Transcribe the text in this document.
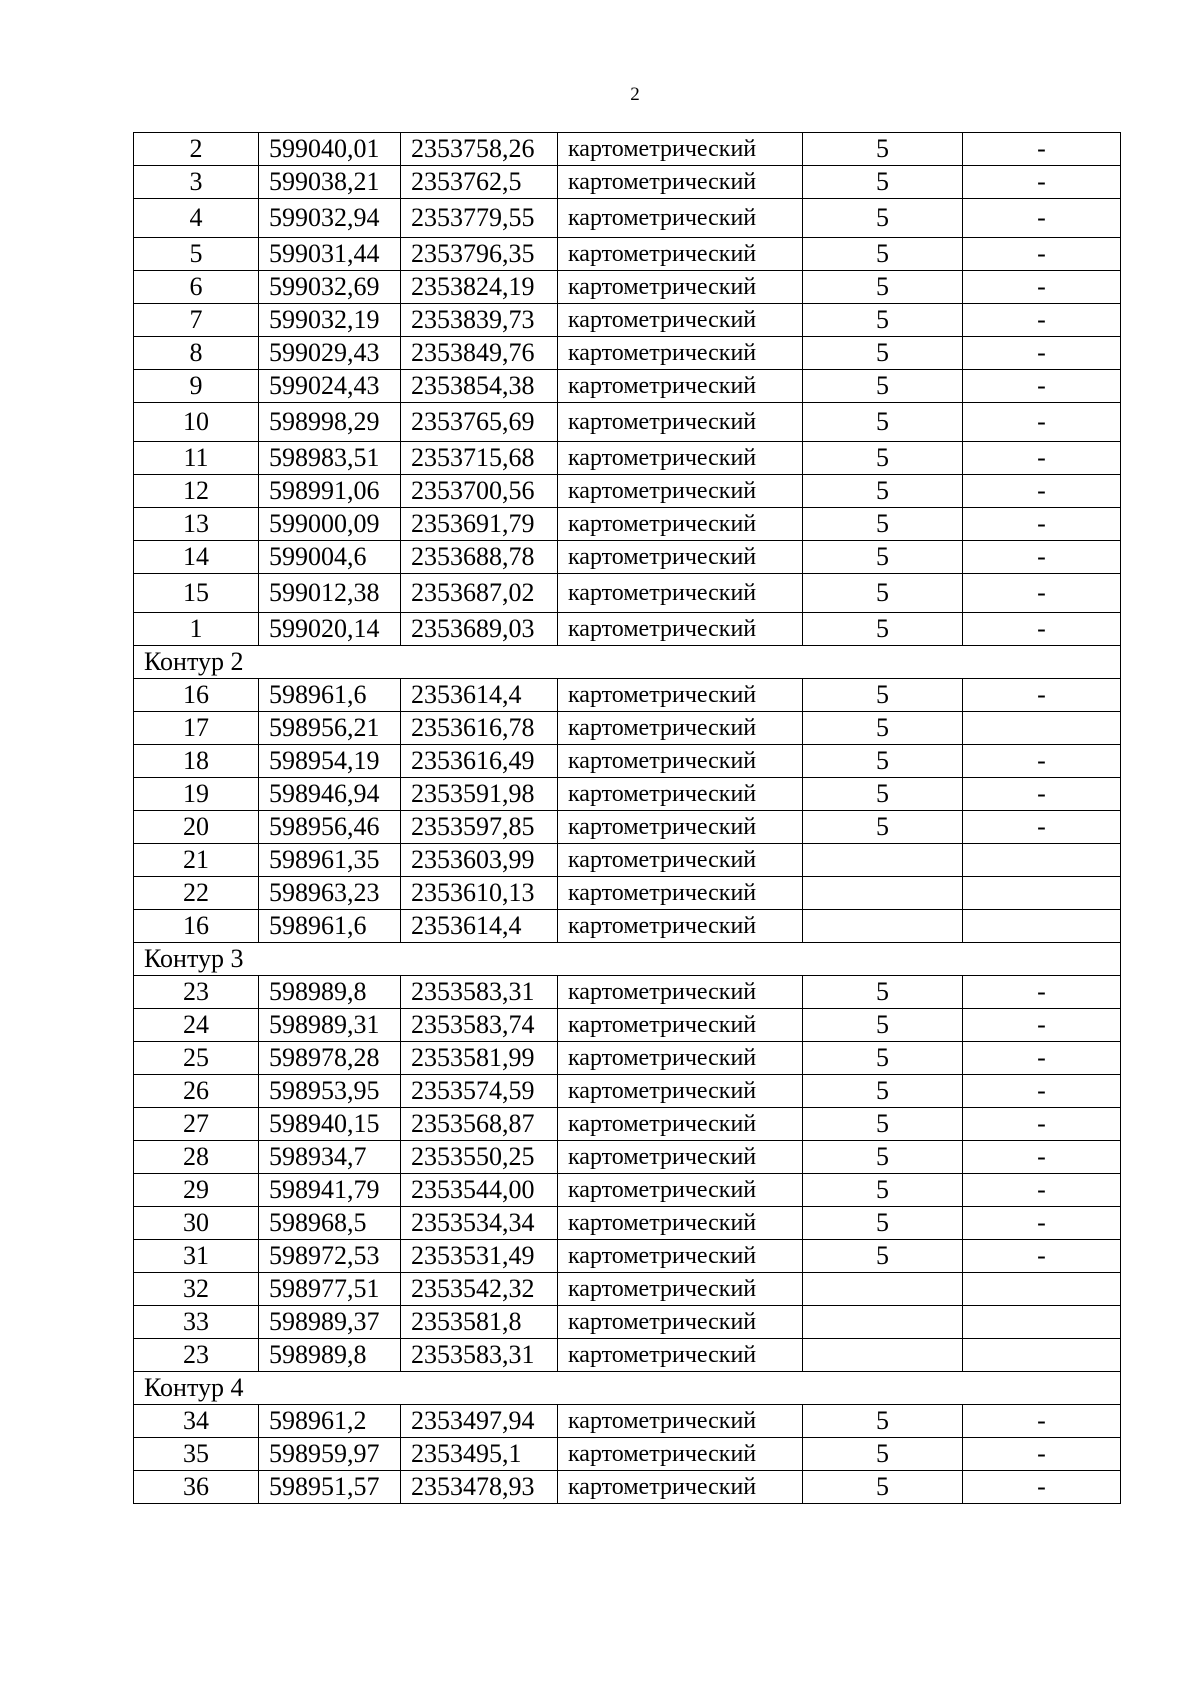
2
2	599040,01	2353758,26	картометрический	5	-
3	599038,21	2353762,5	картометрический	5	-
4	599032,94	2353779,55	картометрический	5	-
5	599031,44	2353796,35	картометрический	5	-
6	599032,69	2353824,19	картометрический	5	-
7	599032,19	2353839,73	картометрический	5	-
8	599029,43	2353849,76	картометрический	5	-
9	599024,43	2353854,38	картометрический	5	-
10	598998,29	2353765,69	картометрический	5	-
11	598983,51	2353715,68	картометрический	5	-
12	598991,06	2353700,56	картометрический	5	-
13	599000,09	2353691,79	картометрический	5	-
14	599004,6	2353688,78	картометрический	5	-
15	599012,38	2353687,02	картометрический	5	-
1	599020,14	2353689,03	картометрический	5	-
Контур 2					
16	598961,6	2353614,4	картометрический	5	-
17	598956,21	2353616,78	картометрический	5	
18	598954,19	2353616,49	картометрический	5	-
19	598946,94	2353591,98	картометрический	5	-
20	598956,46	2353597,85	картометрический	5	-
21	598961,35	2353603,99	картометрический		
22	598963,23	2353610,13	картометрический		
16	598961,6	2353614,4	картометрический		
Контур 3					
23	598989,8	2353583,31	картометрический	5	-
24	598989,31	2353583,74	картометрический	5	-
25	598978,28	2353581,99	картометрический	5	-
26	598953,95	2353574,59	картометрический	5	-
27	598940,15	2353568,87	картометрический	5	-
28	598934,7	2353550,25	картометрический	5	-
29	598941,79	2353544,00	картометрический	5	-
30	598968,5	2353534,34	картометрический	5	-
31	598972,53	2353531,49	картометрический	5	-
32	598977,51	2353542,32	картометрический		
33	598989,37	2353581,8	картометрический		
23	598989,8	2353583,31	картометрический		
Контур 4					
34	598961,2	2353497,94	картометрический	5	-
35	598959,97	2353495,1	картометрический	5	-
36	598951,57	2353478,93	картометрический	5	-
